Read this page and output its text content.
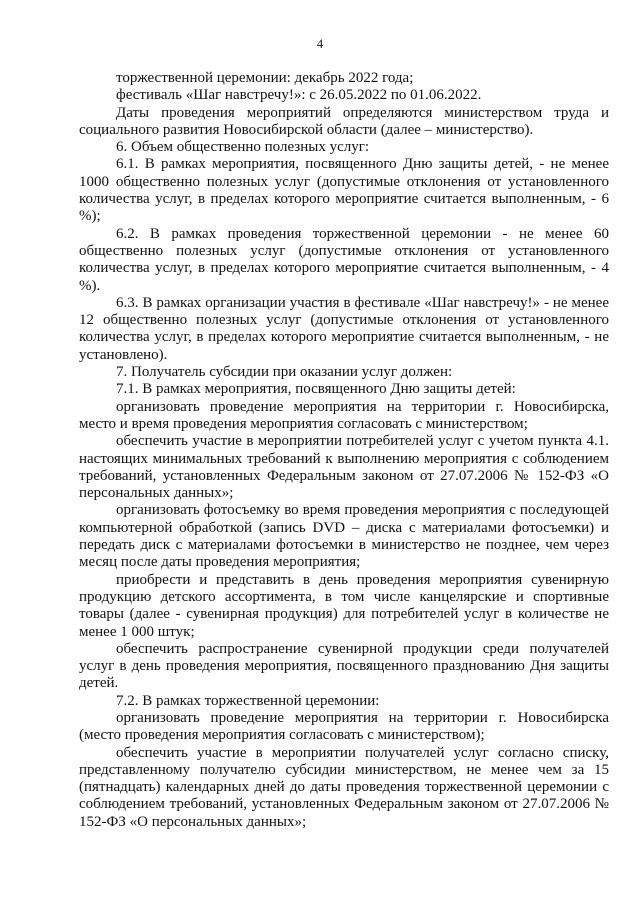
4

торжественной церемонии: декабрь 2022 года;

фестиваль «Шаг навстречу!»: с 26.05.2022 по 01.06.2022.

Даты проведения мероприятий определяются министерством труда и социального развития Новосибирской области (далее – министерство).

6. Объем общественно полезных услуг:

6.1. В рамках мероприятия, посвященного Дню защиты детей, - не менее 1000 общественно полезных услуг (допустимые отклонения от установленного количества услуг, в пределах которого мероприятие считается выполненным, - 6 %);

6.2. В рамках проведения торжественной церемонии - не менее 60 общественно полезных услуг (допустимые отклонения от установленного количества услуг, в пределах которого мероприятие считается выполненным, - 4 %).

6.3. В рамках организации участия в фестивале «Шаг навстречу!» - не менее 12 общественно полезных услуг (допустимые отклонения от установленного количества услуг, в пределах которого мероприятие считается выполненным, - не установлено).

7. Получатель субсидии при оказании услуг должен:

7.1. В рамках мероприятия, посвященного Дню защиты детей:

организовать проведение мероприятия на территории г. Новосибирска, место и время проведения мероприятия согласовать с министерством;

обеспечить участие в мероприятии потребителей услуг с учетом пункта 4.1. настоящих минимальных требований к выполнению мероприятия с соблюдением требований, установленных Федеральным законом от 27.07.2006 № 152-ФЗ «О персональных данных»;

организовать фотосъемку во время проведения мероприятия с последующей компьютерной обработкой (запись DVD – диска с материалами фотосъемки) и передать диск с материалами фотосъемки в министерство не позднее, чем через месяц после даты проведения мероприятия;

приобрести и представить в день проведения мероприятия сувенирную продукцию детского ассортимента, в том числе канцелярские и спортивные товары (далее - сувенирная продукция) для потребителей услуг в количестве не менее 1 000 штук;

обеспечить распространение сувенирной продукции среди получателей услуг в день проведения мероприятия, посвященного празднованию Дня защиты детей.

7.2. В рамках торжественной церемонии:

организовать проведение мероприятия на территории г. Новосибирска (место проведения мероприятия согласовать с министерством);

обеспечить участие в мероприятии получателей услуг согласно списку, представленному получателю субсидии министерством, не менее чем за 15 (пятнадцать) календарных дней до даты проведения торжественной церемонии с соблюдением требований, установленных Федеральным законом от 27.07.2006 № 152-ФЗ «О персональных данных»;
